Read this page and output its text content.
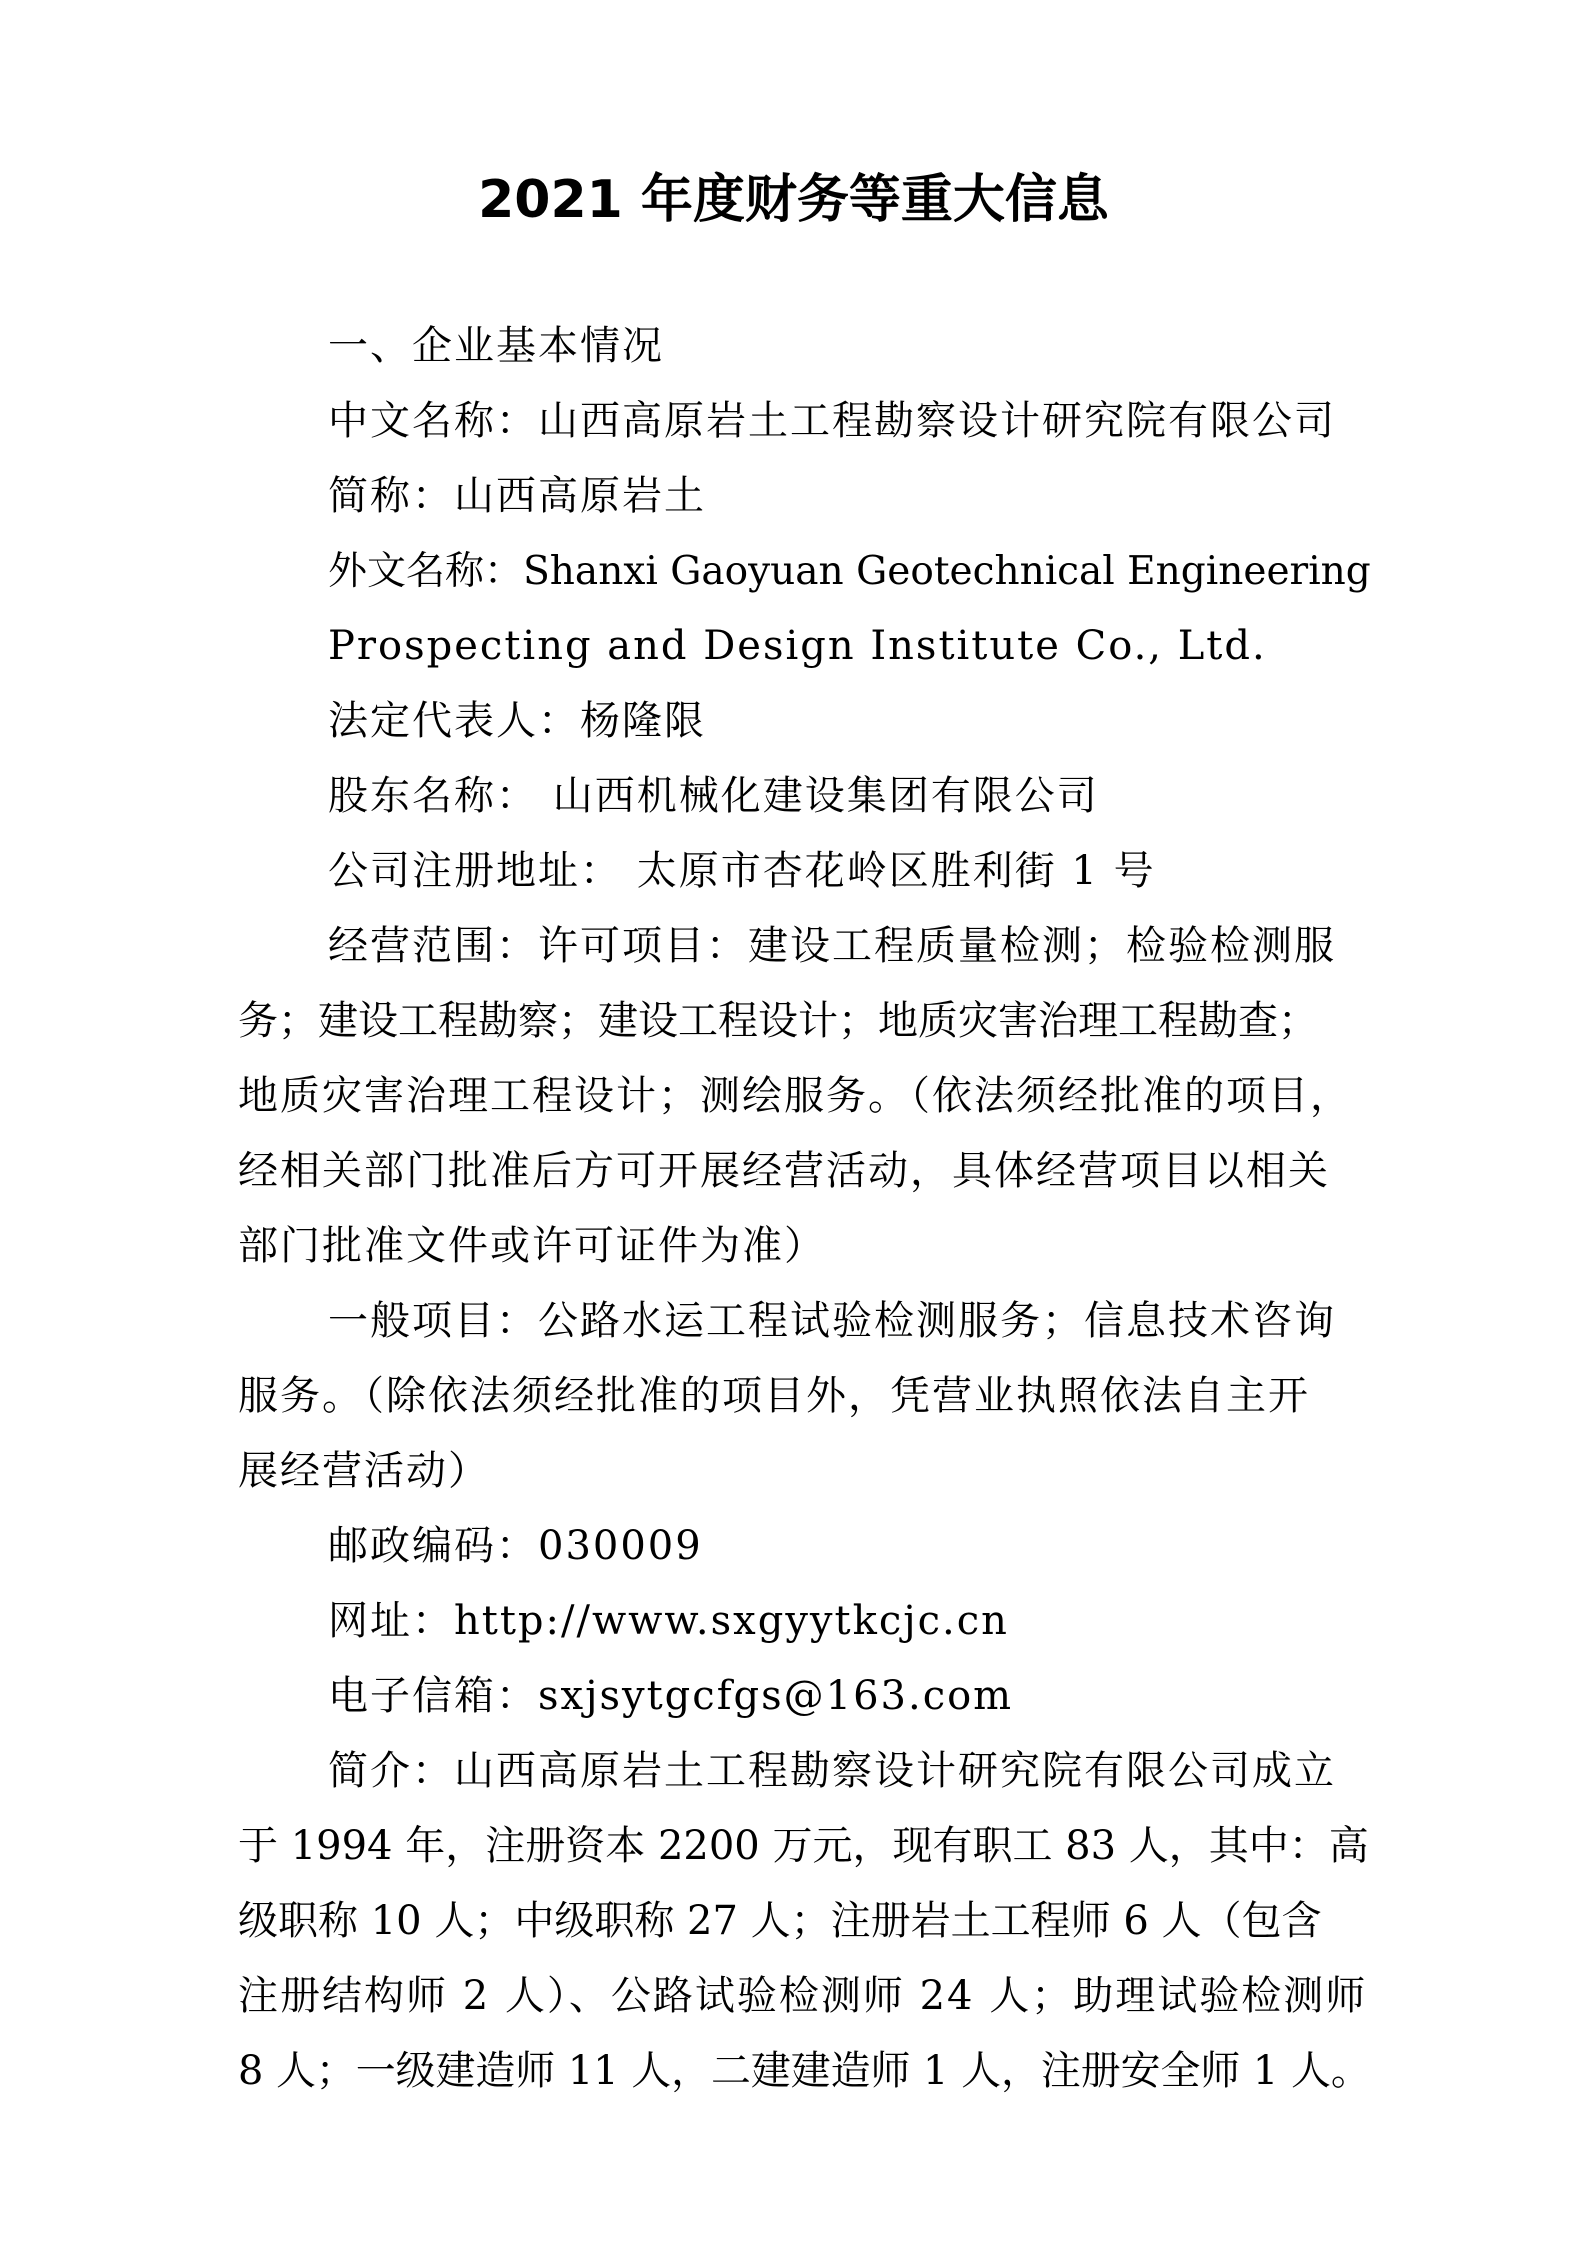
2021 年度财务等重大信息
一、企业基本情况
中文名称：山西高原岩土工程勘察设计研究院有限公司
简称：山西高原岩土
外文名称：Shanxi Gaoyuan Geotechnical Engineering
Prospecting and Design Institute Co., Ltd.
法定代表人：杨隆限
股东名称： 山西机械化建设集团有限公司
公司注册地址： 太原市杏花岭区胜利街 1 号
经营范围：许可项目：建设工程质量检测；检验检测服
务；建设工程勘察；建设工程设计；地质灾害治理工程勘查；
地质灾害治理工程设计；测绘服务。（依法须经批准的项目，
经相关部门批准后方可开展经营活动，具体经营项目以相关
部门批准文件或许可证件为准）
一般项目：公路水运工程试验检测服务；信息技术咨询
服务。（除依法须经批准的项目外，凭营业执照依法自主开
展经营活动）
邮政编码：030009
网址：http://www.sxgyytkcjc.cn
电子信箱：sxjsytgcfgs@163.com
简介：山西高原岩土工程勘察设计研究院有限公司成立
于 1994 年，注册资本 2200 万元，现有职工 83 人，其中：高
级职称 10 人；中级职称 27 人；注册岩土工程师 6 人（包含
注册结构师 2 人）、公路试验检测师 24 人；助理试验检测师
8 人；一级建造师 11 人，二建建造师 1 人，注册安全师 1 人。
